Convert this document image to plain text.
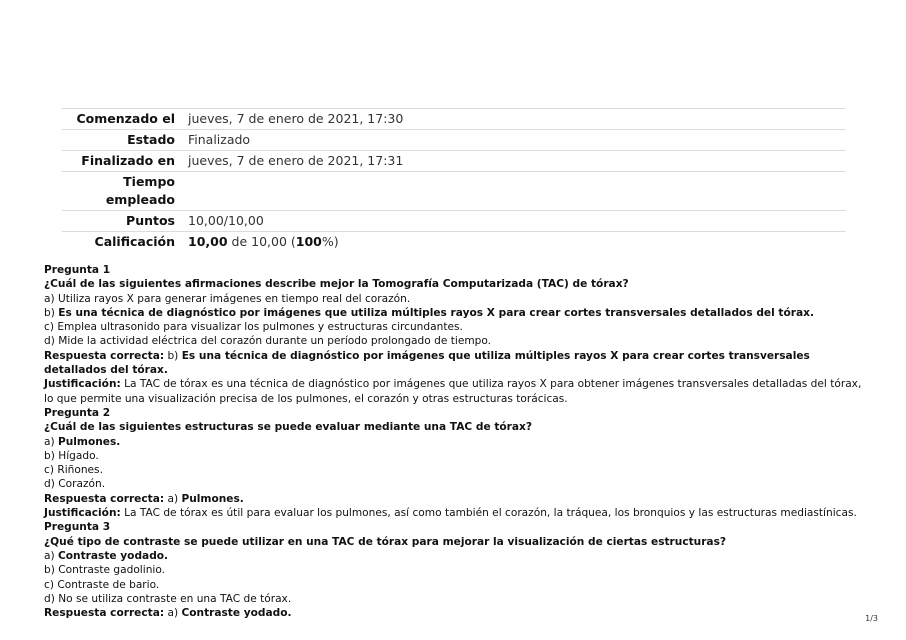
Comenzado el	jueves, 7 de enero de 2021, 17:30
Estado	Finalizado
Finalizado en	jueves, 7 de enero de 2021, 17:31
Tiempo empleado	
Puntos	10,00/10,00
Calificación	10,00 de 10,00 (100%)
Pregunta 1
¿Cuál de las siguientes afirmaciones describe mejor la Tomografía Computarizada (TAC) de tórax?
a) Utiliza rayos X para generar imágenes en tiempo real del corazón.
b) Es una técnica de diagnóstico por imágenes que utiliza múltiples rayos X para crear cortes transversales detallados del tórax.
c) Emplea ultrasonido para visualizar los pulmones y estructuras circundantes.
d) Mide la actividad eléctrica del corazón durante un período prolongado de tiempo.
Respuesta correcta: b) Es una técnica de diagnóstico por imágenes que utiliza múltiples rayos X para crear cortes transversales detallados del tórax.
Justificación: La TAC de tórax es una técnica de diagnóstico por imágenes que utiliza rayos X para obtener imágenes transversales detalladas del tórax, lo que permite una visualización precisa de los pulmones, el corazón y otras estructuras torácicas.
Pregunta 2
¿Cuál de las siguientes estructuras se puede evaluar mediante una TAC de tórax?
a) Pulmones.
b) Hígado.
c) Riñones.
d) Corazón.
Respuesta correcta: a) Pulmones.
Justificación: La TAC de tórax es útil para evaluar los pulmones, así como también el corazón, la tráquea, los bronquios y las estructuras mediastínicas.
Pregunta 3
¿Qué tipo de contraste se puede utilizar en una TAC de tórax para mejorar la visualización de ciertas estructuras?
a) Contraste yodado.
b) Contraste gadolinio.
c) Contraste de bario.
d) No se utiliza contraste en una TAC de tórax.
Respuesta correcta: a) Contraste yodado.	1/3
